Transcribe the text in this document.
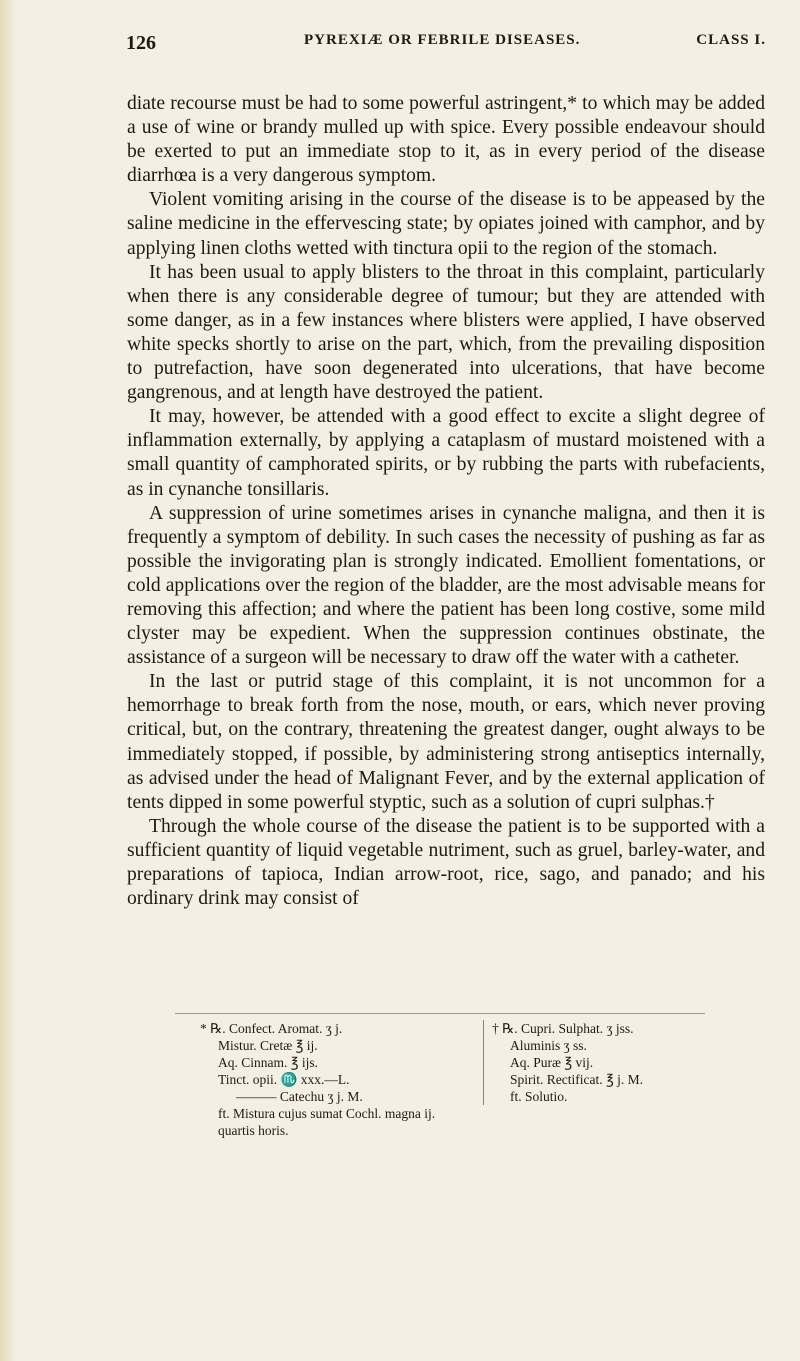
126	PYREXIÆ OR FEBRILE DISEASES.	CLASS I.

diate recourse must be had to some powerful astringent,* to which may be added a use of wine or brandy mulled up with spice. Every possible endeavour should be exerted to put an immediate stop to it, as in every period of the disease diarrhœa is a very dangerous symptom.

Violent vomiting arising in the course of the disease is to be appeased by the saline medicine in the effervescing state; by opiates joined with camphor, and by applying linen cloths wetted with tinctura opii to the region of the stomach.

It has been usual to apply blisters to the throat in this complaint, particularly when there is any considerable degree of tumour; but they are attended with some danger, as in a few instances where blisters were applied, I have observed white specks shortly to arise on the part, which, from the prevailing disposition to putrefaction, have soon degenerated into ulcerations, that have become gangrenous, and at length have destroyed the patient.

It may, however, be attended with a good effect to excite a slight degree of inflammation externally, by applying a cataplasm of mustard moistened with a small quantity of camphorated spirits, or by rubbing the parts with rubefacients, as in cynanche tonsillaris.

A suppression of urine sometimes arises in cynanche maligna, and then it is frequently a symptom of debility. In such cases the necessity of pushing as far as possible the invigorating plan is strongly indicated. Emollient fomentations, or cold applications over the region of the bladder, are the most advisable means for removing this affection; and where the patient has been long costive, some mild clyster may be expedient. When the suppression continues obstinate, the assistance of a surgeon will be necessary to draw off the water with a catheter.

In the last or putrid stage of this complaint, it is not uncommon for a hemorrhage to break forth from the nose, mouth, or ears, which never proving critical, but, on the contrary, threatening the greatest danger, ought always to be immediately stopped, if possible, by administering strong antiseptics internally, as advised under the head of Malignant Fever, and by the external application of tents dipped in some powerful styptic, such as a solution of cupri sulphas.†

Through the whole course of the disease the patient is to be supported with a sufficient quantity of liquid vegetable nutriment, such as gruel, barley-water, and preparations of tapioca, Indian arrow-root, rice, sago, and panado; and his ordinary drink may consist of

* ℞. Confect. Aromat. ʒ j.
Mistur. Cretæ ℥ ij.
Aq. Cinnam. ℥ ijs.
Tinct. opii. ♏ xxx.—L.
——— Catechu ʒ j. M.
ft. Mistura cujus sumat Cochl. magna ij.
quartis horis.
† ℞. Cupri. Sulphat. ʒ jss.
Aluminis ʒ ss.
Aq. Puræ ℥ vij.
Spirit. Rectificat. ℥ j. M.
ft. Solutio.
